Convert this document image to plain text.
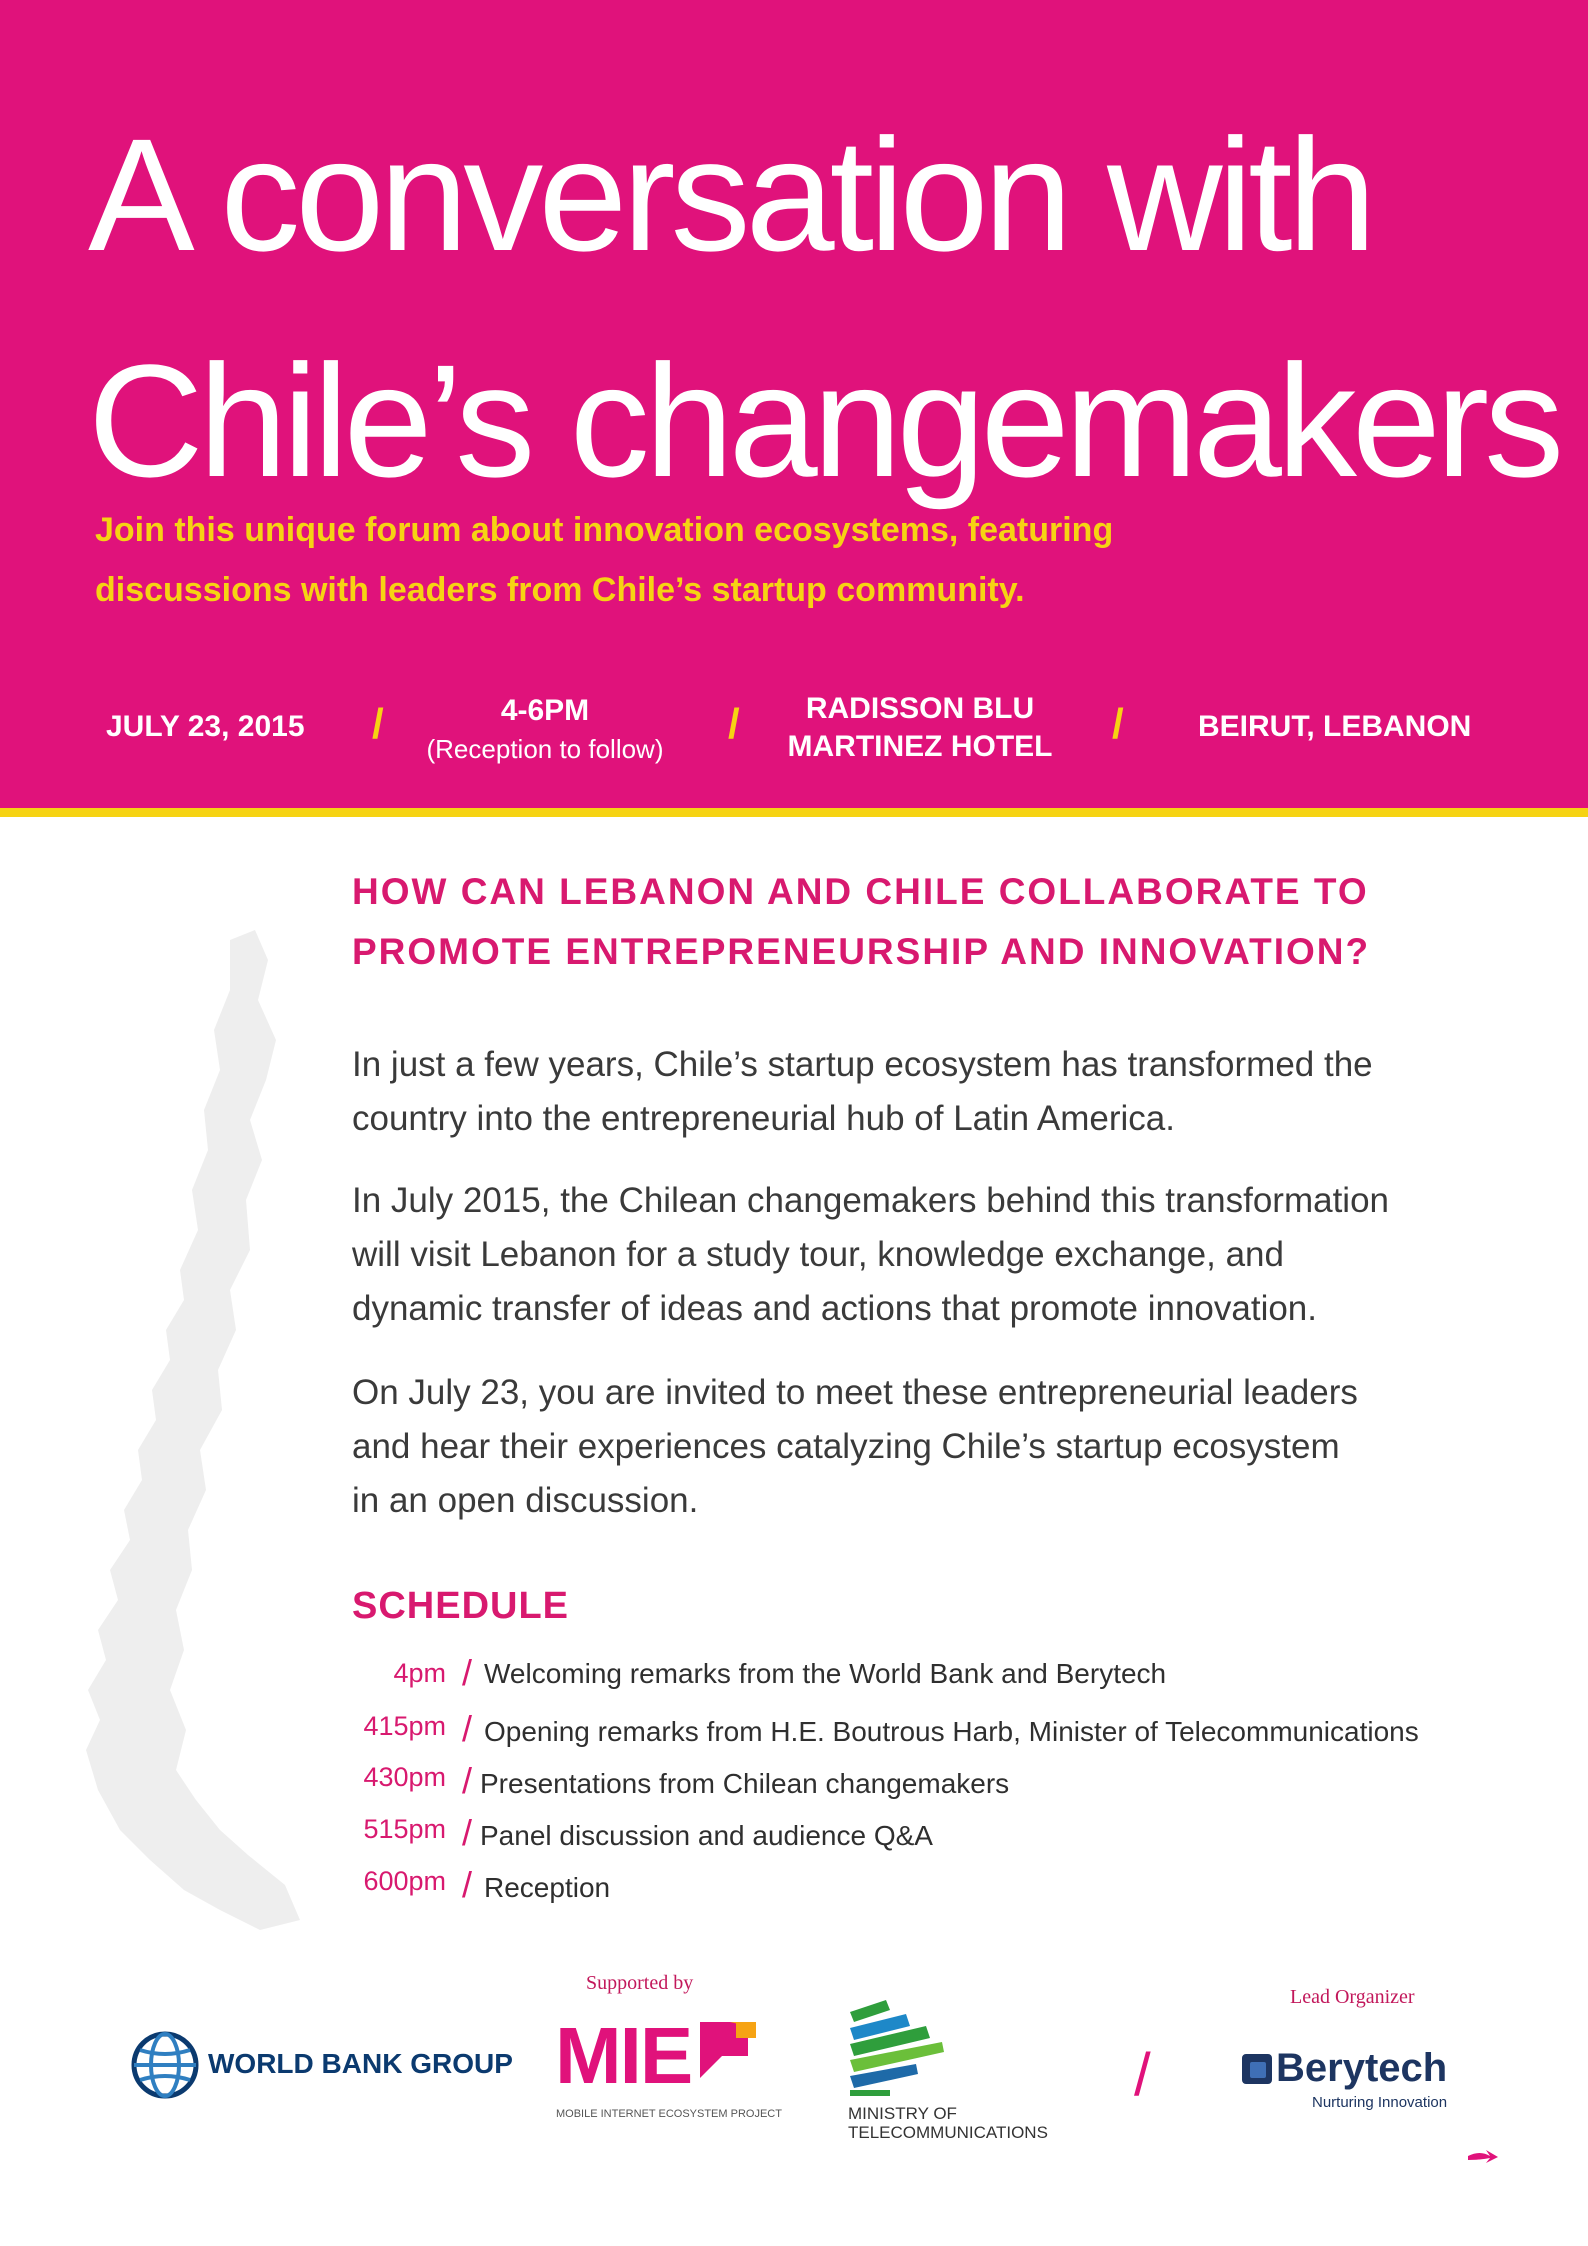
A conversation with
Chile’s changemakers
Join this unique forum about innovation ecosystems, featuring
discussions with leaders from Chile’s startup community.
JULY 23, 2015 /	4-6PM
(Reception to follow)
/	RADISSON BLU
MARTINEZ HOTEL	/ BEIRUT, LEBANON
HOW CAN LEBANON AND CHILE COLLABORATE TO
PROMOTE ENTREPRENEURSHIP AND INNOVATION?
In just a few years, Chile’s startup ecosystem has transformed the
country into the entrepreneurial hub of Latin America.
In July 2015, the Chilean changemakers behind this transformation
will visit Lebanon for a study tour, knowledge exchange, and
dynamic transfer of ideas and actions that promote innovation.
On July 23, you are invited to meet these entrepreneurial leaders
and hear their experiences catalyzing Chile’s startup ecosystem
in an open discussion.
SCHEDULE
4pm / Welcoming remarks from the World Bank and Berytech
415pm / Opening remarks from H.E. Boutrous Harb, Minister of Telecommunications
430pm / Presentations from Chilean changemakers
515pm / Panel discussion and audience Q&A
600pm / Reception
WORLD BANK GROUP
Supported by
MIE
MOBILE INTERNET ECOSYSTEM PROJECT	MINISTRY OF
TELECOMMUNICATIONS
/
Lead Organizer
Berytech
Nurturing Innovation
